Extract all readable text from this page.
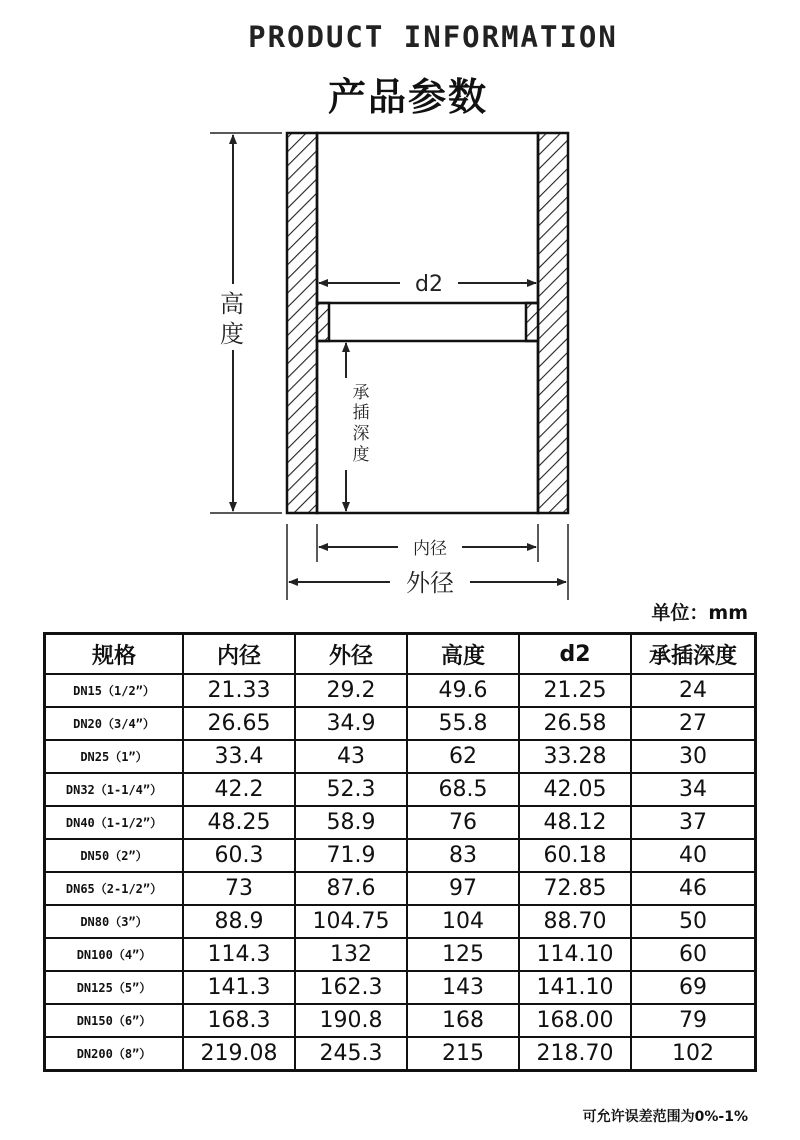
PRODUCT INFORMATION
产品参数
高
度
d2
承
插
深
度
内径
外径
单位：mm
规格	内径	外径	高度	d2	承插深度
DN15（1/2”）	21.33	29.2	49.6	21.25	24
DN20（3/4”）	26.65	34.9	55.8	26.58	27
DN25（1”）	33.4	43	62	33.28	30
DN32（1-1/4”）	42.2	52.3	68.5	42.05	34
DN40（1-1/2”）	48.25	58.9	76	48.12	37
DN50（2”）	60.3	71.9	83	60.18	40
DN65（2-1/2”）	73	87.6	97	72.85	46
DN80（3”）	88.9	104.75	104	88.70	50
DN100（4”）	114.3	132	125	114.10	60
DN125（5”）	141.3	162.3	143	141.10	69
DN150（6”）	168.3	190.8	168	168.00	79
DN200（8”）	219.08	245.3	215	218.70	102
可允许误差范围为0%-1%
